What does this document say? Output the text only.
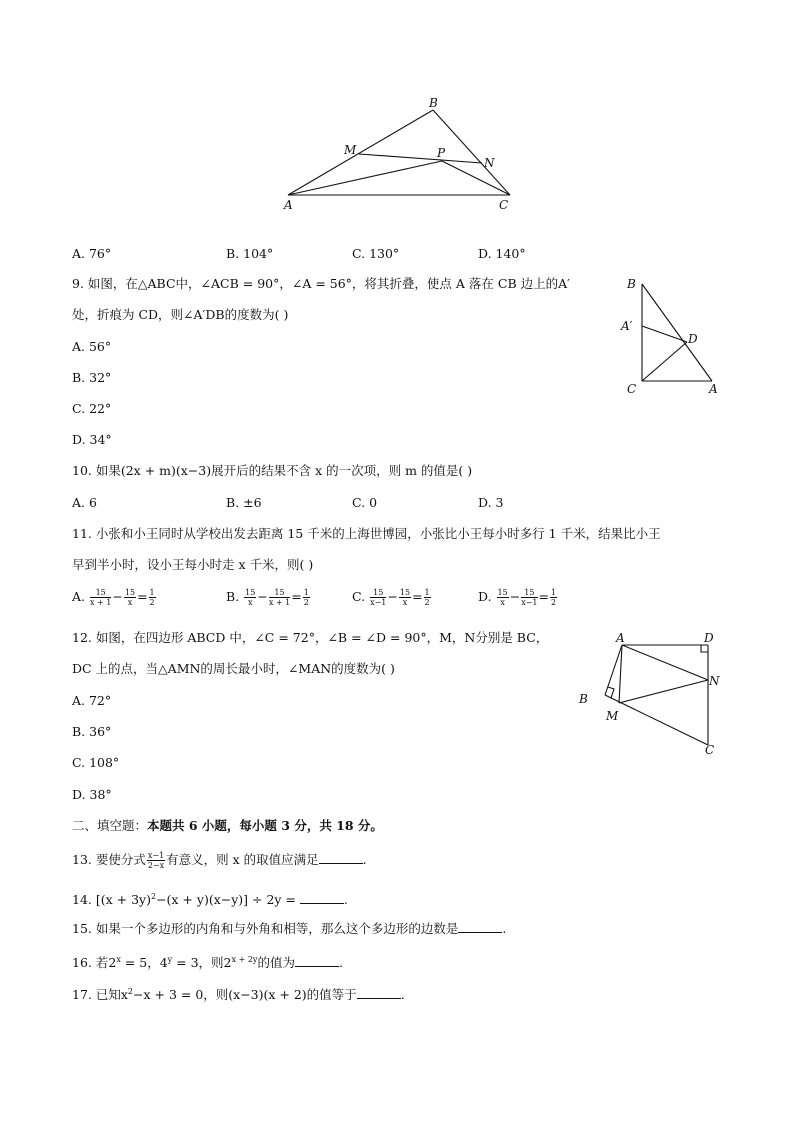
B
M	P
N
A	C
A. 76°	B. 104°	C. 130°	D. 140°
9. 如图，在△ABC中，∠ACB = 90°，∠A = 56°，将其折叠，使点 A 落在 CB 边上的A′
处，折痕为 CD，则∠A′DB的度数为( )
A. 56°
B. 32°
C. 22°
D. 34°
B
A′
D
C	A
10. 如果(2x + m)(x−3)展开后的结果不含 x 的一次项，则 m 的值是( )
A. 6	B. ±6	C. 0	D. 3
11. 小张和小王同时从学校出发去距离 15 千米的上海世博园，小张比小王每小时多行 1 千米，结果比小王
早到半小时，设小王每小时走 x 千米，则( )
A. $\frac{15}{x + 1} - \frac{15}{x} = \frac{1}{2}$	B. $\frac{15}{x} - \frac{15}{x + 1} = \frac{1}{2}$	C. $\frac{15}{x-1} - \frac{15}{x} = \frac{1}{2}$	D. $\frac{15}{x} - \frac{15}{x-1} = \frac{1}{2}$
12. 如图，在四边形 ABCD 中，∠C = 72°，∠B = ∠D = 90°，M，N分别是 BC，
DC 上的点，当△AMN的周长最小时，∠MAN的度数为( )
A. 72°
B. 36°
C. 108°
D. 38°
A	D
N
B
M
C
二、填空题：本题共 6 小题，每小题 3 分，共 18 分。
13. 要使分式 $\frac{x-1}{2-x}$ 有意义，则 x 的取值应满足	.
14. $[(x + 3y)^2-(x + y)(x-y)] \div 2y$ =	.
15. 如果一个多边形的内角和与外角和相等，那么这个多边形的边数是	.
16. 若$2^x = 5$，$4^y = 3$，则$2^{x + 2y}$的值为	.
17. 已知$x^2-x + 3 = 0$，则(x−3)(x + 2)的值等于	.
